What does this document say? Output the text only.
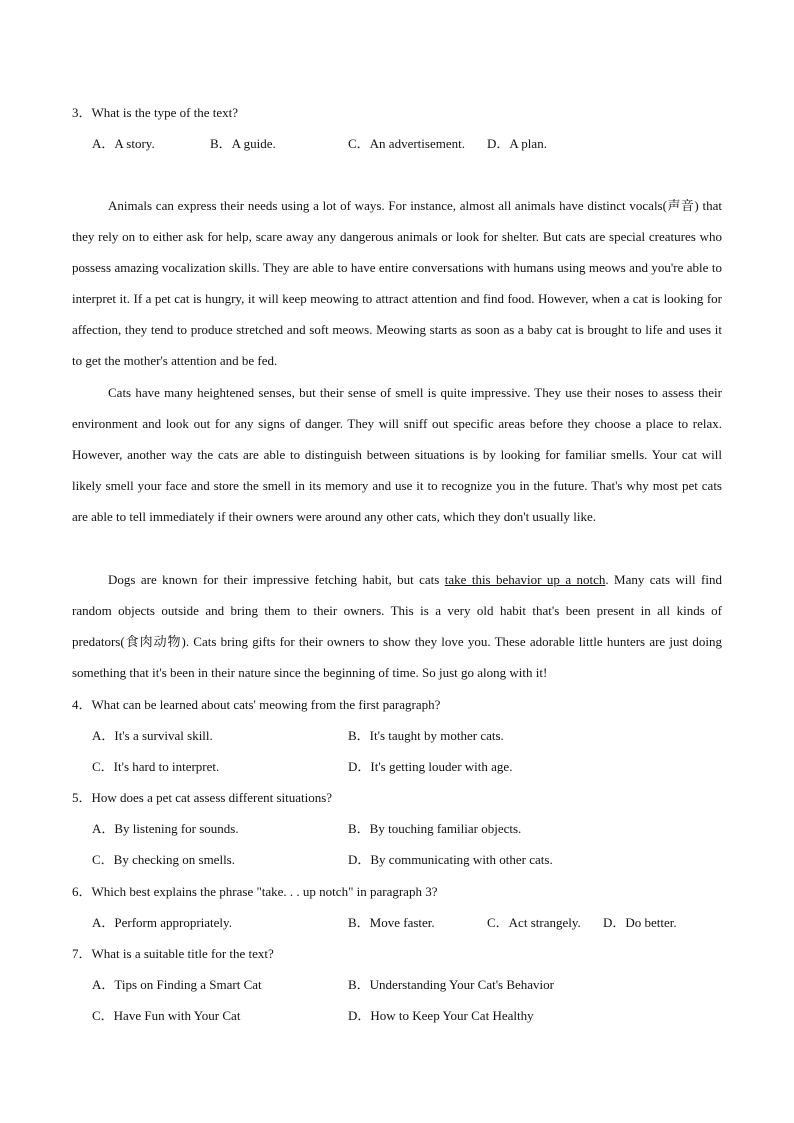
3．What is the type of the text?
A．A story.	B．A guide.	C．An advertisement. D．A plan.
Animals can express their needs using a lot of ways. For instance, almost all animals have distinct vocals(声音) that they rely on to either ask for help, scare away any dangerous animals or look for shelter. But cats are special creatures who possess amazing vocalization skills. They are able to have entire conversations with humans using meows and you're able to interpret it. If a pet cat is hungry, it will keep meowing to attract attention and find food. However, when a cat is looking for affection, they tend to produce stretched and soft meows. Meowing starts as soon as a baby cat is brought to life and uses it to get the mother's attention and be fed.
Cats have many heightened senses, but their sense of smell is quite impressive. They use their noses to assess their environment and look out for any signs of danger. They will sniff out specific areas before they choose a place to relax. However, another way the cats are able to distinguish between situations is by looking for familiar smells. Your cat will likely smell your face and store the smell in its memory and use it to recognize you in the future. That's why most pet cats are able to tell immediately if their owners were around any other cats, which they don't usually like.
Dogs are known for their impressive fetching habit, but cats take this behavior up a notch. Many cats will find random objects outside and bring them to their owners. This is a very old habit that's been present in all kinds of predators(食肉动物). Cats bring gifts for their owners to show they love you. These adorable little hunters are just doing something that it's been in their nature since the beginning of time. So just go along with it!
4．What can be learned about cats' meowing from the first paragraph?
A．It's a survival skill.	B．It's taught by mother cats.
C．It's hard to interpret.	D．It's getting louder with age.
5．How does a pet cat assess different situations?
A．By listening for sounds.	B．By touching familiar objects.
C．By checking on smells.	D．By communicating with other cats.
6．Which best explains the phrase "take. . . up notch" in paragraph 3?
A．Perform appropriately.	B．Move faster.	C．Act strangely. D．Do better.
7．What is a suitable title for the text?
A．Tips on Finding a Smart Cat	B．Understanding Your Cat's Behavior
C．Have Fun with Your Cat	D．How to Keep Your Cat Healthy
